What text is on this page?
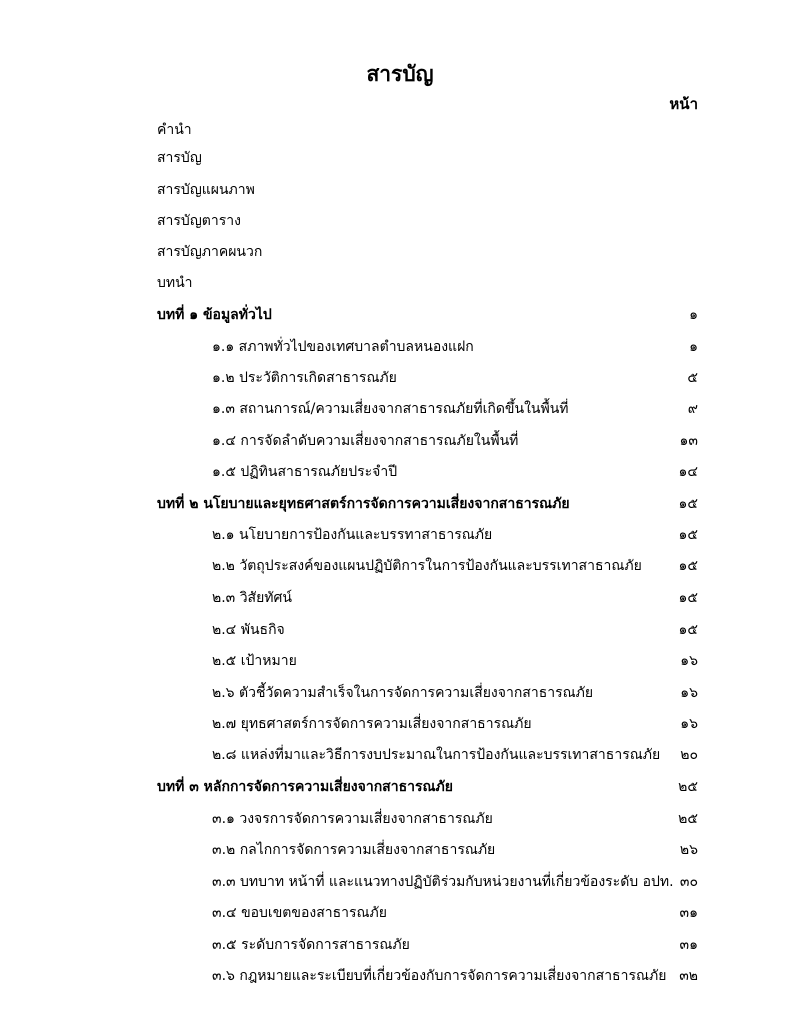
สารบัญ
หน้า
คำนำ
สารบัญ
สารบัญแผนภาพ
สารบัญตาราง
สารบัญภาคผนวก
บทนำ
บทที่ ๑ ข้อมูลทั่วไป	๑
๑.๑ สภาพทั่วไปของเทศบาลตำบลหนองแฝก	๑
๑.๒ ประวัติการเกิดสาธารณภัย	๕
๑.๓ สถานการณ์/ความเสี่ยงจากสาธารณภัยที่เกิดขึ้นในพื้นที่	๙
๑.๔ การจัดลำดับความเสี่ยงจากสาธารณภัยในพื้นที่	๑๓
๑.๕ ปฏิทินสาธารณภัยประจำปี	๑๔
บทที่ ๒ นโยบายและยุทธศาสตร์การจัดการความเสี่ยงจากสาธารณภัย	๑๕
๒.๑ นโยบายการป้องกันและบรรทาสาธารณภัย	๑๕
๒.๒ วัตถุประสงค์ของแผนปฏิบัติการในการป้องกันและบรรเทาสาธาณภัย	๑๕
๒.๓ วิสัยทัศน์	๑๕
๒.๔ พันธกิจ	๑๕
๒.๕ เป้าหมาย	๑๖
๒.๖ ตัวชี้วัดความสำเร็จในการจัดการความเสี่ยงจากสาธารณภัย	๑๖
๒.๗ ยุทธศาสตร์การจัดการความเสี่ยงจากสาธารณภัย	๑๖
๒.๘ แหล่งที่มาและวิธีการงบประมาณในการป้องกันและบรรเทาสาธารณภัย ๒๐
บทที่ ๓ หลักการจัดการความเสี่ยงจากสาธารณภัย	๒๕
๓.๑ วงจรการจัดการความเสี่ยงจากสาธารณภัย	๒๕
๓.๒ กลไกการจัดการความเสี่ยงจากสาธารณภัย	๒๖
๓.๓ บทบาท หน้าที่ และแนวทางปฏิบัติร่วมกับหน่วยงานที่เกี่ยวข้องระดับ อปท. ๓๐
๓.๔ ขอบเขตของสาธารณภัย	๓๑
๓.๕ ระดับการจัดการสาธารณภัย	๓๑
๓.๖ กฎหมายและระเบียบที่เกี่ยวข้องกับการจัดการความเสี่ยงจากสาธารณภัย ๓๒
